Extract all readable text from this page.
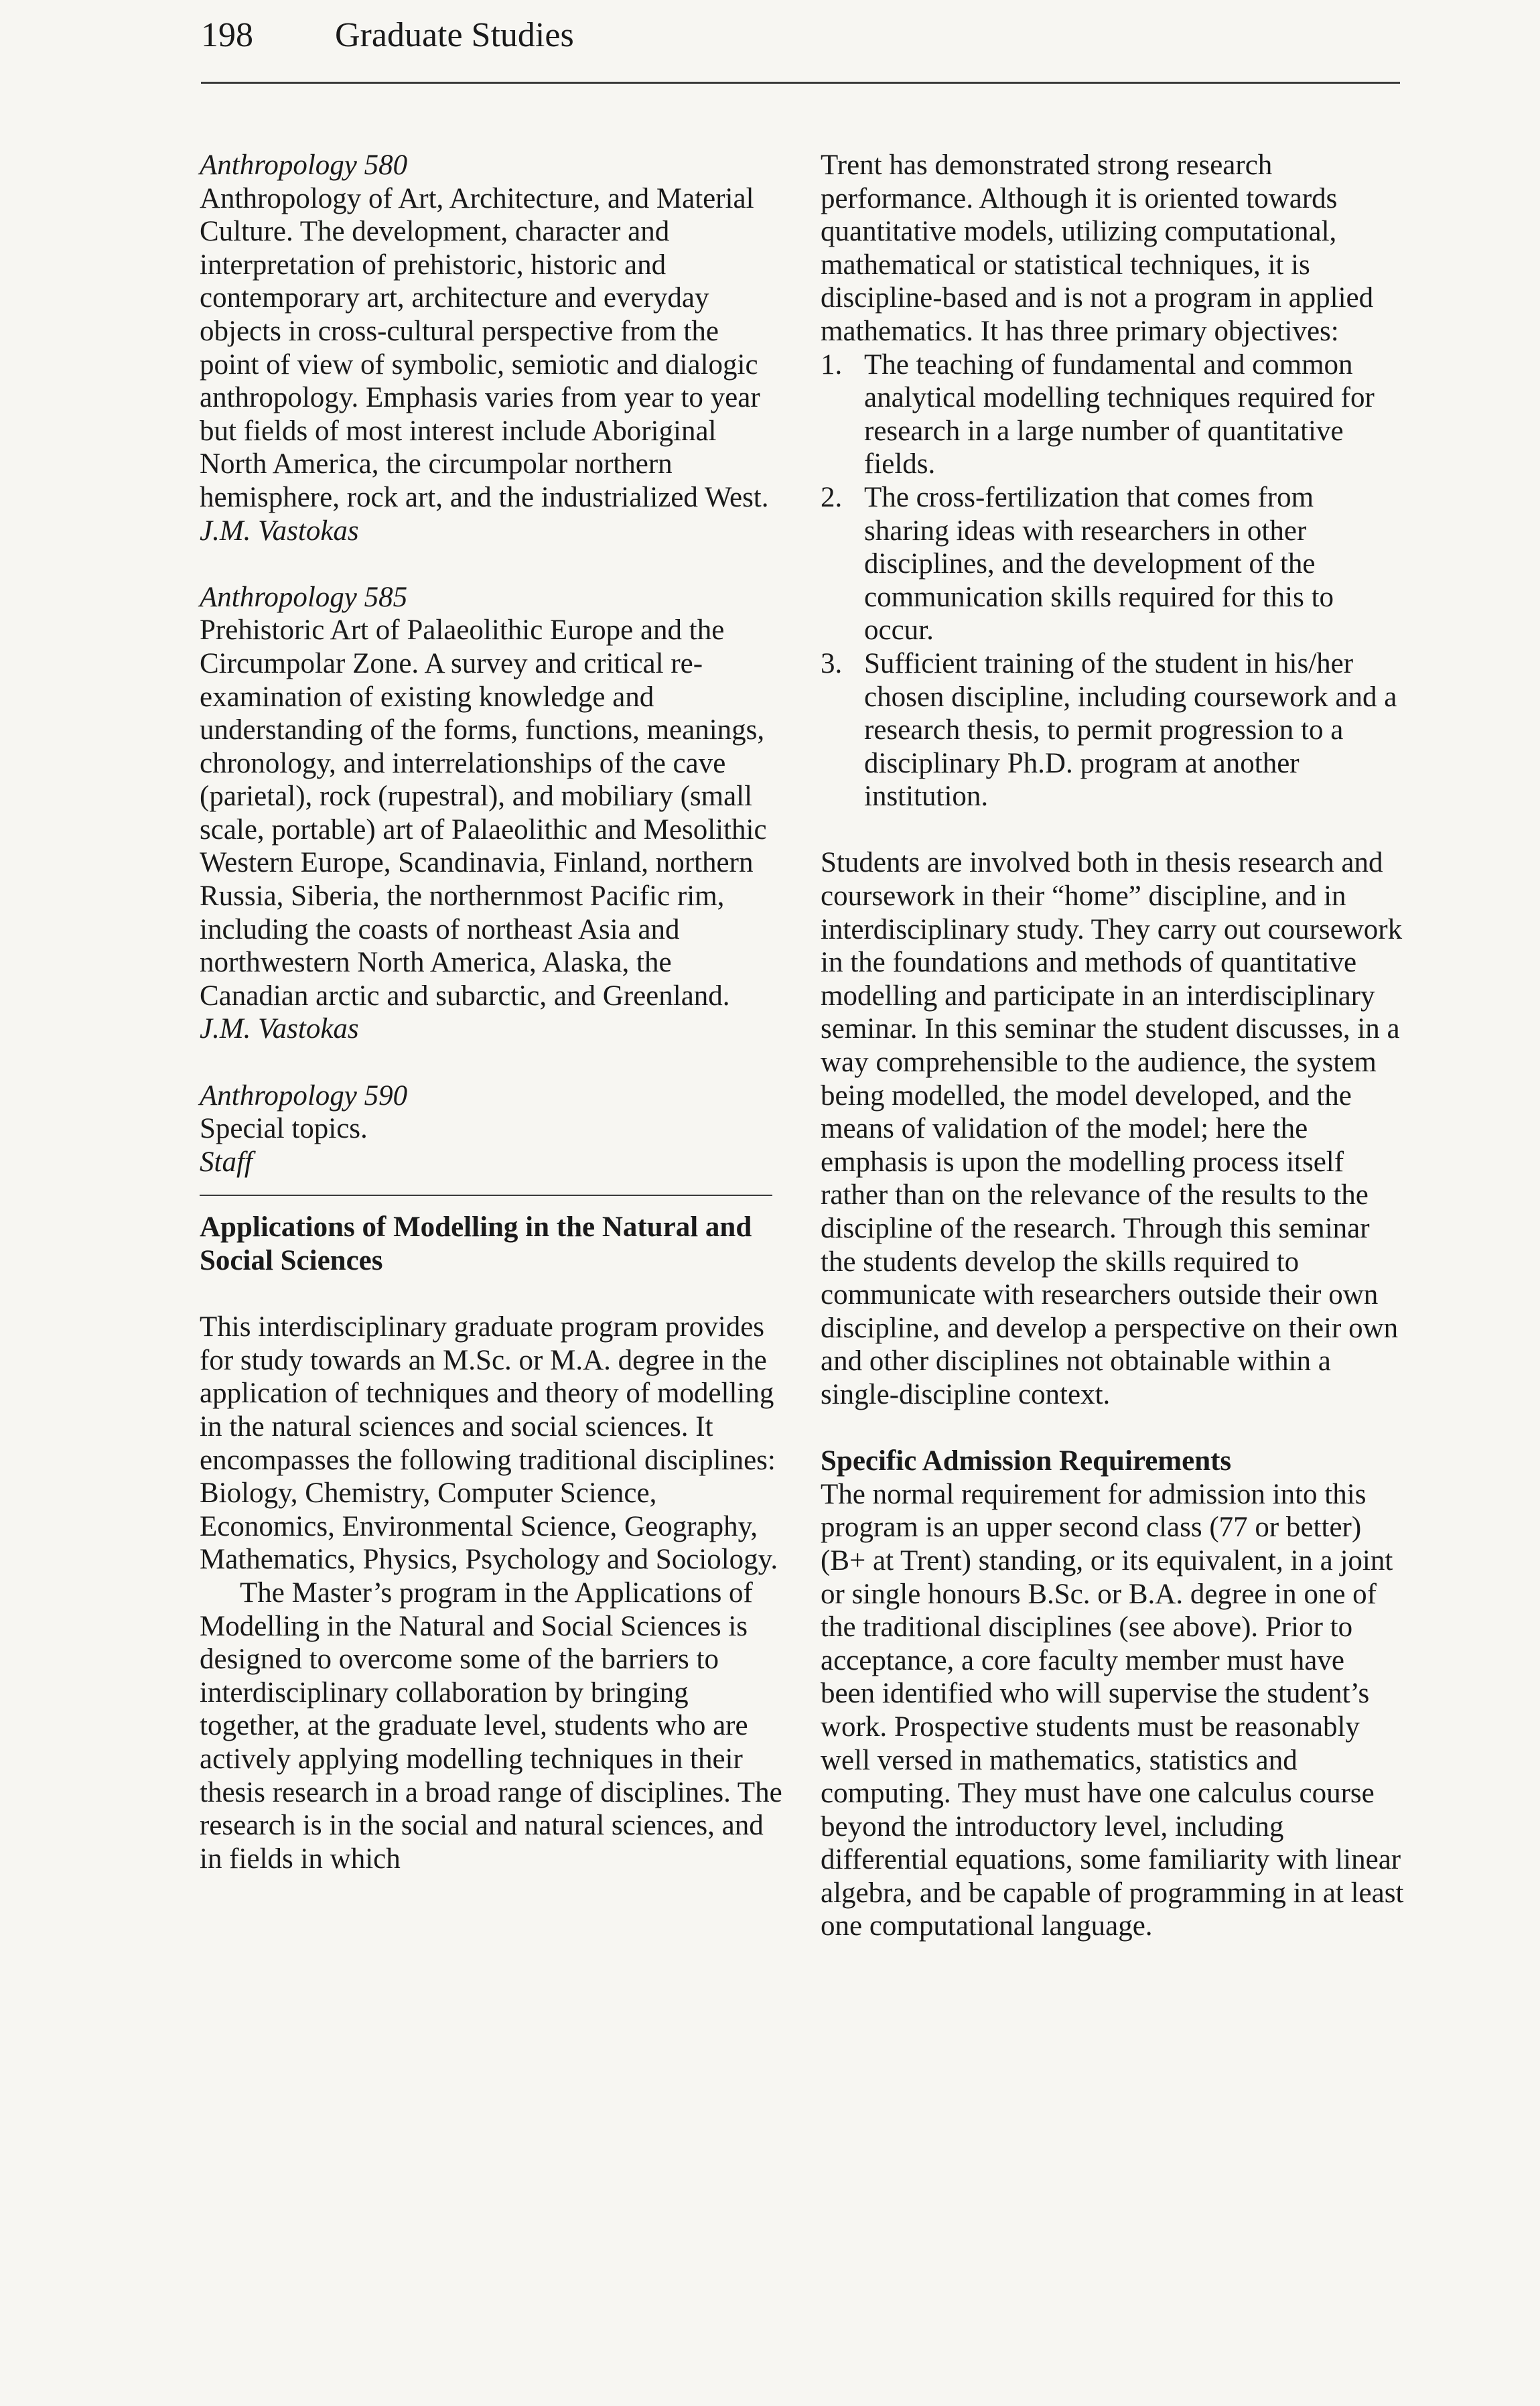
198 Graduate Studies

Anthropology 580

Anthropology of Art, Architecture, and Material Culture. The development, character and interpretation of prehistoric, historic and contemporary art, architecture and everyday objects in cross-cultural perspective from the point of view of symbolic, semiotic and dialogic anthropology. Emphasis varies from year to year but fields of most interest include Aboriginal North America, the circumpolar northern hemisphere, rock art, and the industrialized West.

J.M. Vastokas

Anthropology 585

Prehistoric Art of Palaeolithic Europe and the Circumpolar Zone. A survey and critical re-examination of existing knowledge and understanding of the forms, functions, meanings, chronology, and interrelationships of the cave (parietal), rock (rupestral), and mobiliary (small scale, portable) art of Palaeolithic and Mesolithic Western Europe, Scandinavia, Finland, northern Russia, Siberia, the northernmost Pacific rim, including the coasts of northeast Asia and northwestern North America, Alaska, the Canadian arctic and subarctic, and Greenland.

J.M. Vastokas

Anthropology 590

Special topics.

Staff

Applications of Modelling in the Natural and Social Sciences

This interdisciplinary graduate program provides for study towards an M.Sc. or M.A. degree in the application of techniques and theory of modelling in the natural sciences and social sciences. It encompasses the following traditional disciplines: Biology, Chemistry, Computer Science, Economics, Environmental Science, Geography, Mathematics, Physics, Psychology and Sociology.

The Master’s program in the Applications of Modelling in the Natural and Social Sciences is designed to overcome some of the barriers to interdisciplinary collaboration by bringing together, at the graduate level, students who are actively applying modelling techniques in their thesis research in a broad range of disciplines. The research is in the social and natural sciences, and in fields in which

Trent has demonstrated strong research performance. Although it is oriented towards quantitative models, utilizing computational, mathematical or statistical techniques, it is discipline-based and is not a program in applied mathematics. It has three primary objectives:

1. The teaching of fundamental and common analytical modelling techniques required for research in a large number of quantitative fields.
2. The cross-fertilization that comes from sharing ideas with researchers in other disciplines, and the development of the communication skills required for this to occur.
3. Sufficient training of the student in his/her chosen discipline, including coursework and a research thesis, to permit progression to a disciplinary Ph.D. program at another institution.

Students are involved both in thesis research and coursework in their “home” discipline, and in interdisciplinary study. They carry out coursework in the foundations and methods of quantitative modelling and participate in an interdisciplinary seminar. In this seminar the student discusses, in a way comprehensible to the audience, the system being modelled, the model developed, and the means of validation of the model; here the emphasis is upon the modelling process itself rather than on the relevance of the results to the discipline of the research. Through this seminar the students develop the skills required to communicate with researchers outside their own discipline, and develop a perspective on their own and other disciplines not obtainable within a single-discipline context.

Specific Admission Requirements

The normal requirement for admission into this program is an upper second class (77 or better) (B+ at Trent) standing, or its equivalent, in a joint or single honours B.Sc. or B.A. degree in one of the traditional disciplines (see above). Prior to acceptance, a core faculty member must have been identified who will supervise the student’s work. Prospective students must be reasonably well versed in mathematics, statistics and computing. They must have one calculus course beyond the introductory level, including differential equations, some familiarity with linear algebra, and be capable of programming in at least one computational language.
